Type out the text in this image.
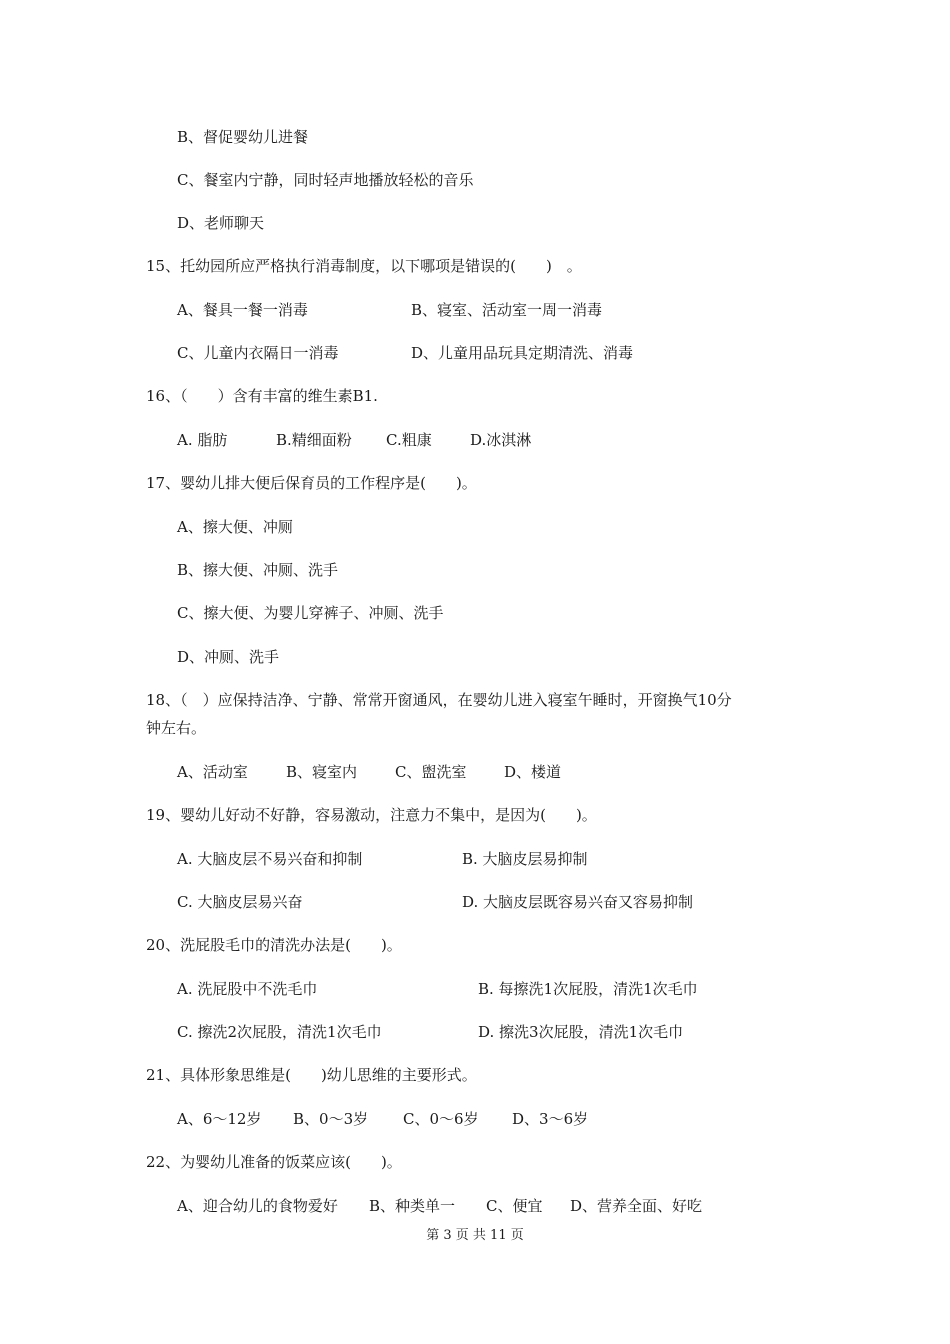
B、督促婴幼儿进餐
C、餐室内宁静，同时轻声地播放轻松的音乐
D、老师聊天
15、托幼园所应严格执行消毒制度，以下哪项是错误的(　　)　。
A、餐具一餐一消毒	B、寝室、活动室一周一消毒
C、儿童内衣隔日一消毒	D、儿童用品玩具定期清洗、消毒
16、（　　）含有丰富的维生素B1.
A. 脂肪	B.精细面粉 C.粗康	D.冰淇淋
17、婴幼儿排大便后保育员的工作程序是(　　)。
A、擦大便、冲厕
B、擦大便、冲厕、洗手
C、擦大便、为婴儿穿裤子、冲厕、洗手
D、冲厕、洗手
18、（　）应保持洁净、宁静、常常开窗通风，在婴幼儿进入寝室午睡时，开窗换气10分
钟左右。
A、活动室	B、寝室内	C、盥洗室	D、楼道
19、婴幼儿好动不好静，容易激动，注意力不集中，是因为(　　)。
A. 大脑皮层不易兴奋和抑制	B. 大脑皮层易抑制
C. 大脑皮层易兴奋	D. 大脑皮层既容易兴奋又容易抑制
20、洗屁股毛巾的清洗办法是(　　)。
A. 洗屁股中不洗毛巾	B. 每擦洗1次屁股，清洗1次毛巾
C. 擦洗2次屁股，清洗1次毛巾	D. 擦洗3次屁股，清洗1次毛巾
21、具体形象思维是(　　)幼儿思维的主要形式。
A、6～12岁 B、0～3岁 C、0～6岁 D、3～6岁
22、为婴幼儿准备的饭菜应该(　　)。
A、迎合幼儿的食物爱好 B、种类单一 C、便宜 D、营养全面、好吃
第 3 页 共 11 页
